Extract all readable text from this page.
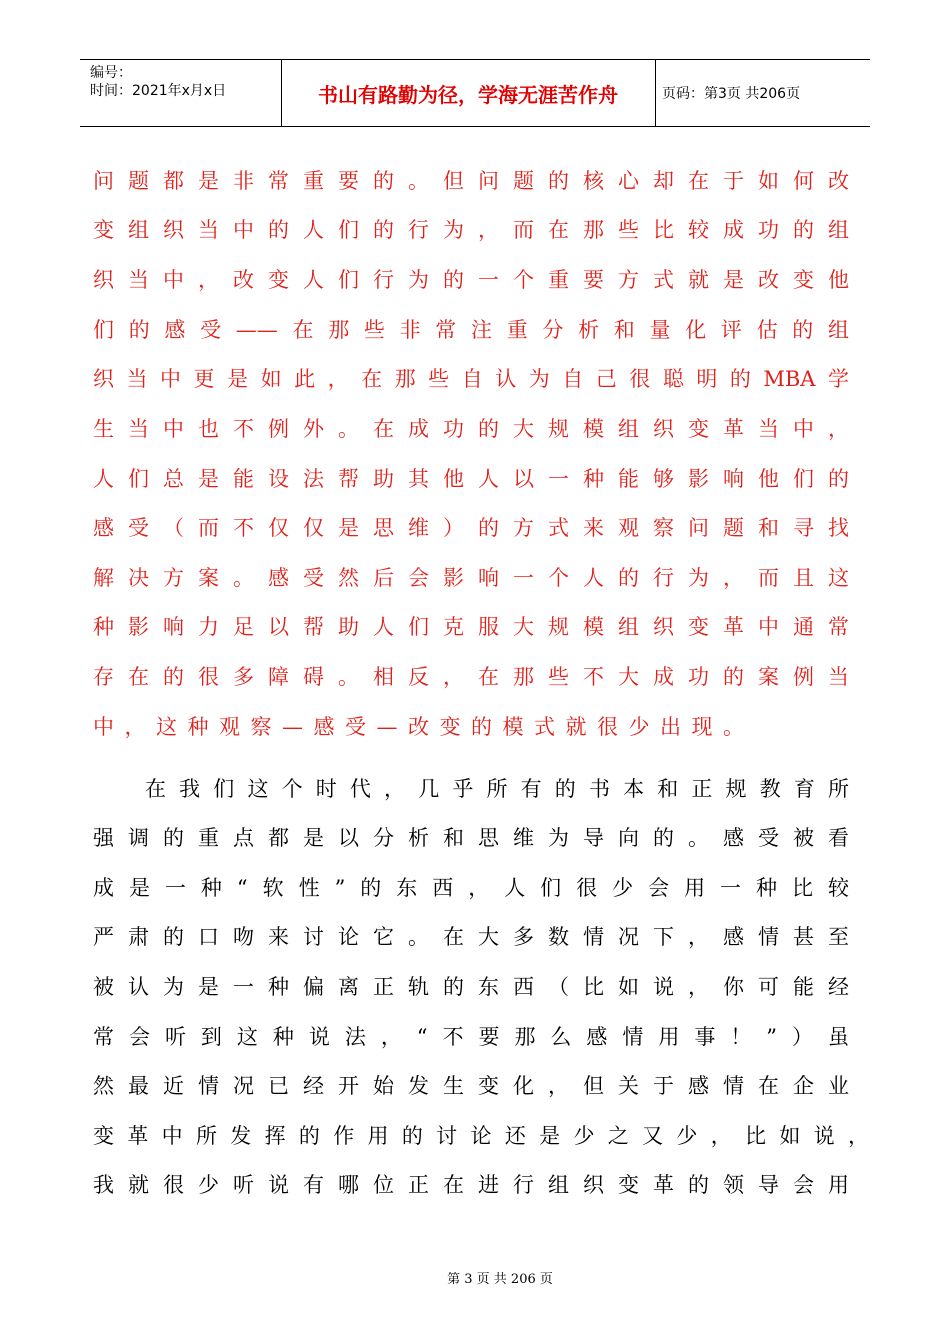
编号：
时间：2021年x月x日	书山有路勤为径，学海无涯苦作舟	页码：第3页 共206页
问题都是非常重要的。但问题的核心却在于如何改
变组织当中的人们的行为，而在那些比较成功的组
织当中，改变人们行为的一个重要方式就是改变他
们的感受——在那些非常注重分析和量化评估的组
织当中更是如此，在那些自认为自己很聪明的MBA学
生当中也不例外。在成功的大规模组织变革当中，
人们总是能设法帮助其他人以一种能够影响他们的
感受（而不仅仅是思维）的方式来观察问题和寻找
解决方案。感受然后会影响一个人的行为，而且这
种影响力足以帮助人们克服大规模组织变革中通常
存在的很多障碍。相反，在那些不大成功的案例当
中，这种观察—感受—改变的模式就很少出现。
在我们这个时代，几乎所有的书本和正规教育所
强调的重点都是以分析和思维为导向的。感受被看
成是一种“软性”的东西，人们很少会用一种比较
严肃的口吻来讨论它。在大多数情况下，感情甚至
被认为是一种偏离正轨的东西（比如说，你可能经
常会听到这种说法，“不要那么感情用事！”）虽
然最近情况已经开始发生变化，但关于感情在企业
变革中所发挥的作用的讨论还是少之又少，比如说，
我就很少听说有哪位正在进行组织变革的领导会用
第 3 页 共 206 页
